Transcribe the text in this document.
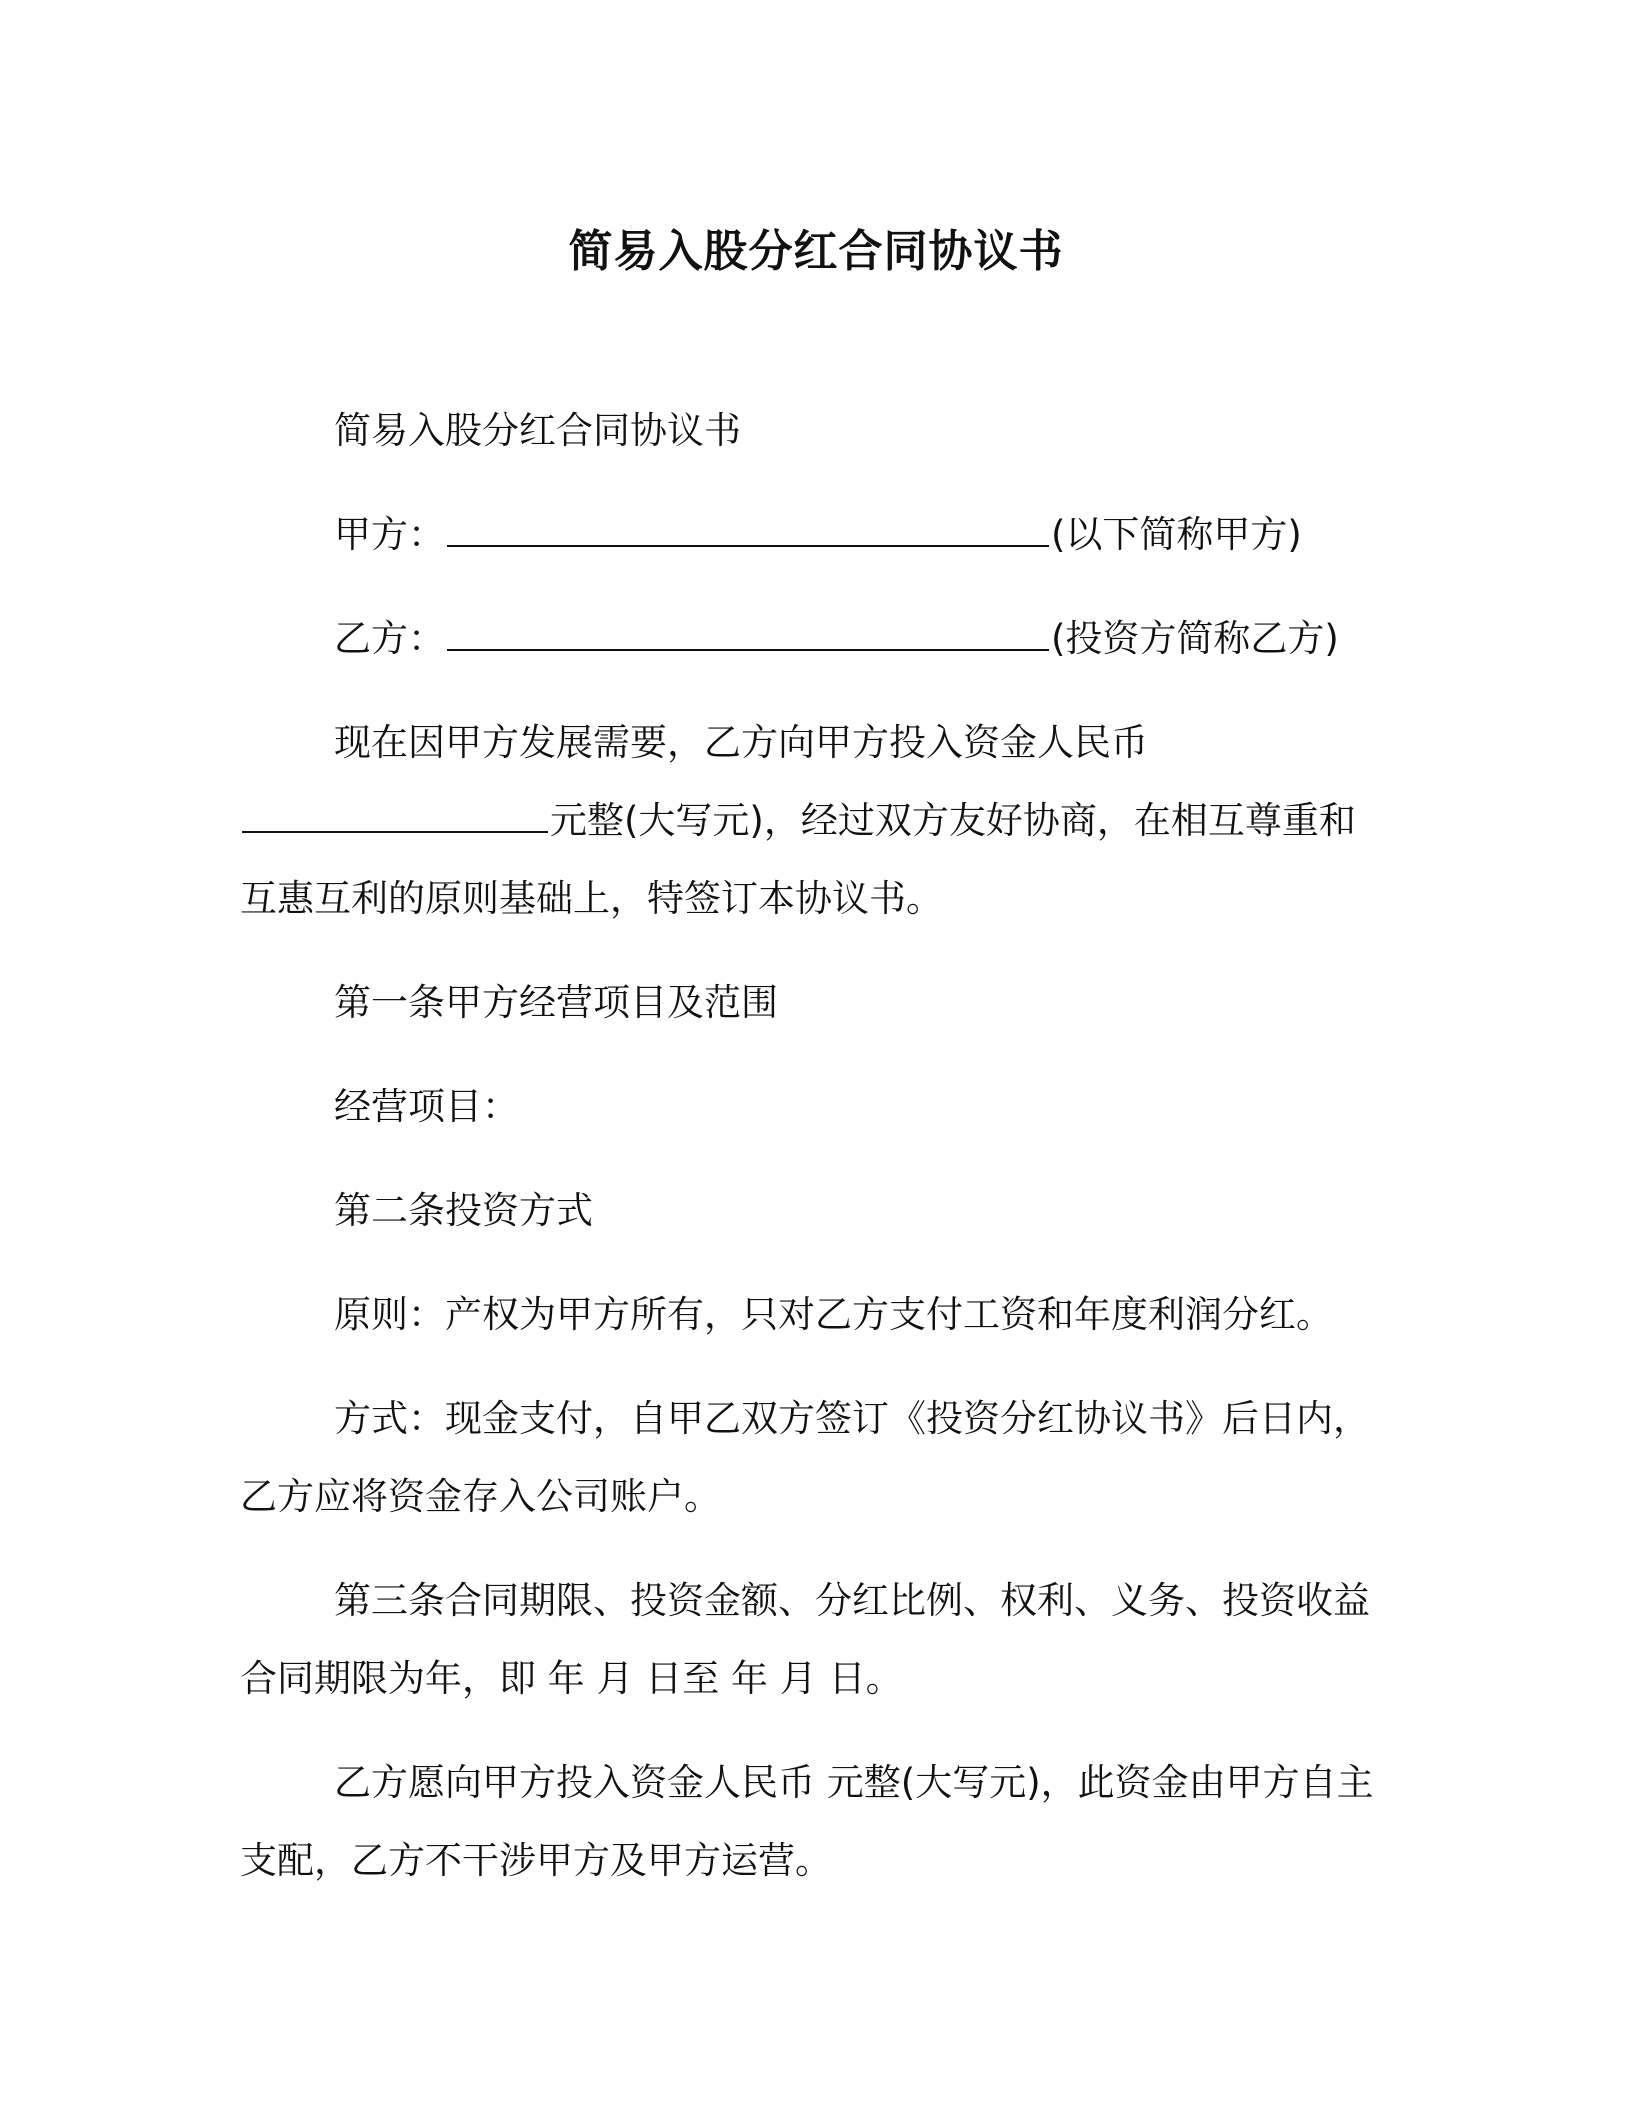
简易入股分红合同协议书

简易入股分红合同协议书

甲方：	(以下简称甲方)

乙方：	(投资方简称乙方)

现在因甲方发展需要，乙方向甲方投入资金人民币元整(大写元)，经过双方友好协商，在相互尊重和互惠互利的原则基础上，特签订本协议书。

第一条甲方经营项目及范围

经营项目：

第二条投资方式

原则：产权为甲方所有，只对乙方支付工资和年度利润分红。

方式：现金支付，自甲乙双方签订《投资分红协议书》后日内，乙方应将资金存入公司账户。

第三条合同期限、投资金额、分红比例、权利、义务、投资收益合同期限为年，即 年 月 日至 年 月 日。

乙方愿向甲方投入资金人民币 元整(大写元)，此资金由甲方自主支配，乙方不干涉甲方及甲方运营。
